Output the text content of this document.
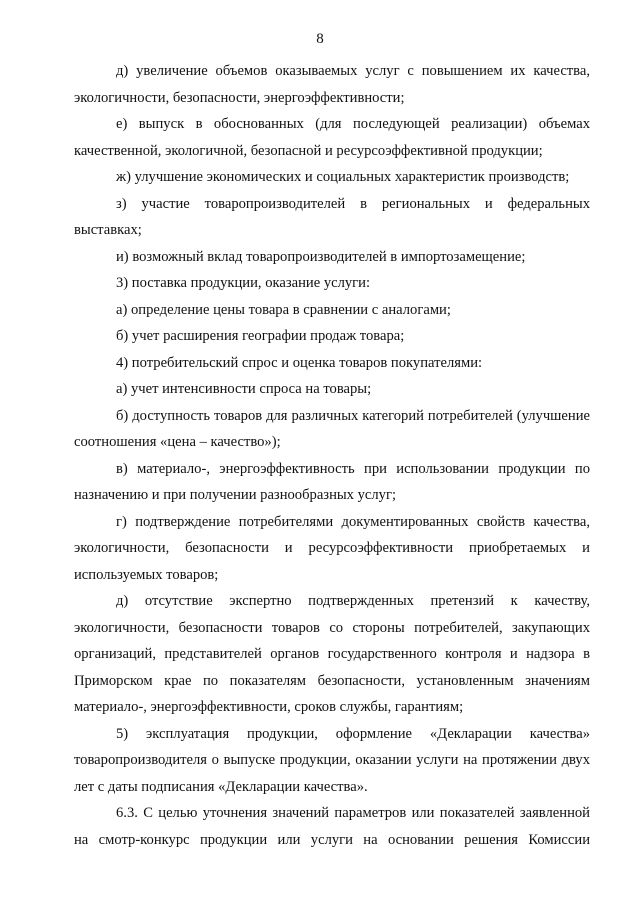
8

д) увеличение объемов оказываемых услуг с повышением их качества, экологичности, безопасности, энергоэффективности;

е) выпуск в обоснованных (для последующей реализации) объемах качественной, экологичной, безопасной и ресурсоэффективной продукции;

ж) улучшение экономических и социальных характеристик производств;

з) участие товаропроизводителей в региональных и федеральных выставках;

и) возможный вклад товаропроизводителей в импортозамещение;

3) поставка продукции, оказание услуги:

а) определение цены товара в сравнении с аналогами;

б) учет расширения географии продаж товара;

4) потребительский спрос и оценка товаров покупателями:

а) учет интенсивности спроса на товары;

б) доступность товаров для различных категорий потребителей (улучшение соотношения «цена – качество»);

в) материало-, энергоэффективность при использовании продукции по назначению и при получении разнообразных услуг;

г) подтверждение потребителями документированных свойств качества, экологичности, безопасности и ресурсоэффективности приобретаемых и используемых товаров;

д) отсутствие экспертно подтвержденных претензий к качеству, экологичности, безопасности товаров со стороны потребителей, закупающих организаций, представителей органов государственного контроля и надзора в Приморском крае по показателям безопасности, установленным значениям материало-, энергоэффективности, сроков службы, гарантиям;

5) эксплуатация продукции, оформление «Декларации качества» товаропроизводителя о выпуске продукции, оказании услуги на протяжении двух лет с даты подписания «Декларации качества».

6.3. С целью уточнения значений параметров или показателей заявленной на смотр-конкурс продукции или услуги на основании решения Комиссии
